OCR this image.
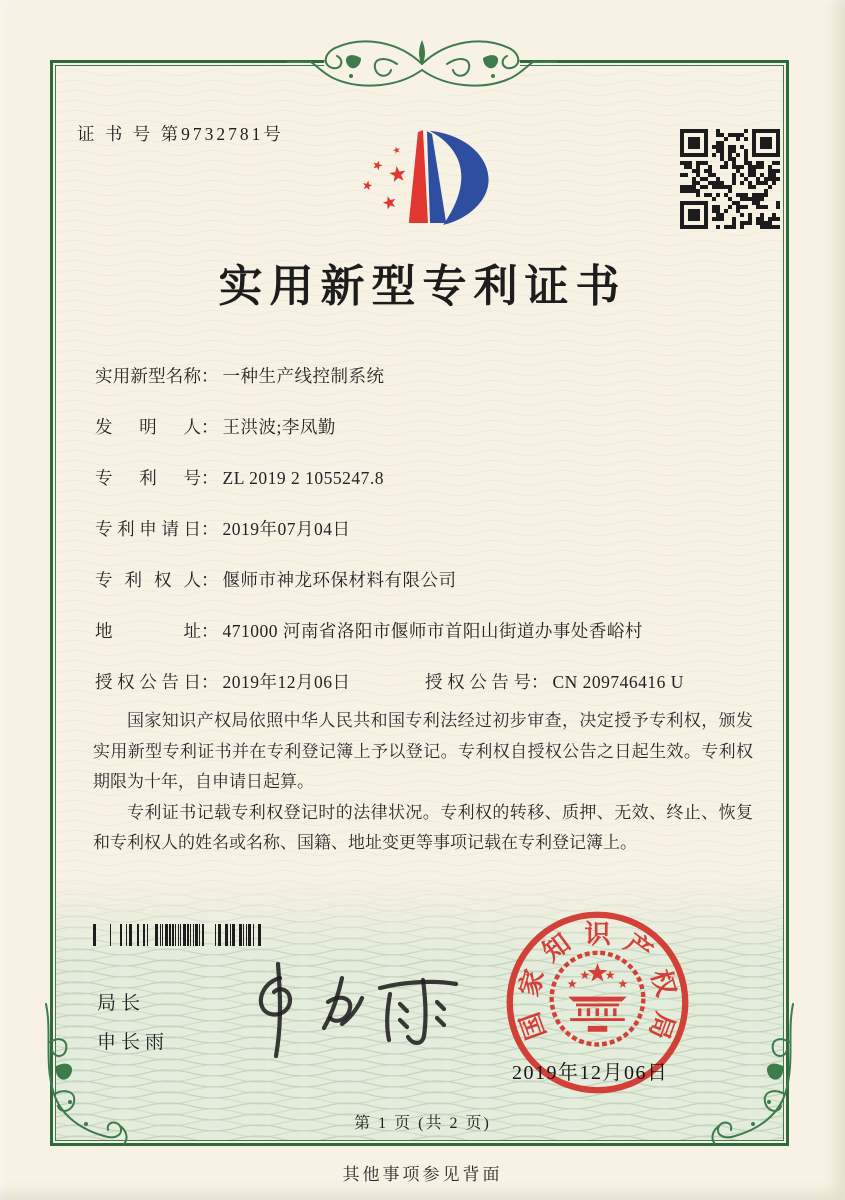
证 书 号 第9732781号
实用新型专利证书
实用新型名称： 一种生产线控制系统
发明人： 王洪波;李凤勤
专利号： ZL 2019 2 1055247.8
专利申请日： 2019年07月04日
专利权人： 偃师市神龙环保材料有限公司
地址： 471000 河南省洛阳市偃师市首阳山街道办事处香峪村
授权公告日： 2019年12月06日	授权公告号： CN 209746416 U

国家知识产权局依照中华人民共和国专利法经过初步审查，决定授予专利权，颁发实用新型专利证书并在专利登记簿上予以登记。专利权自授权公告之日起生效。专利权期限为十年，自申请日起算。

专利证书记载专利权登记时的法律状况。专利权的转移、质押、无效、终止、恢复和专利权人的姓名或名称、国籍、地址变更等事项记载在专利登记簿上。

局长
申长雨	国
家
知 识 产
权
局
2019年12月06日
第 1 页 (共 2 页)
其他事项参见背面
